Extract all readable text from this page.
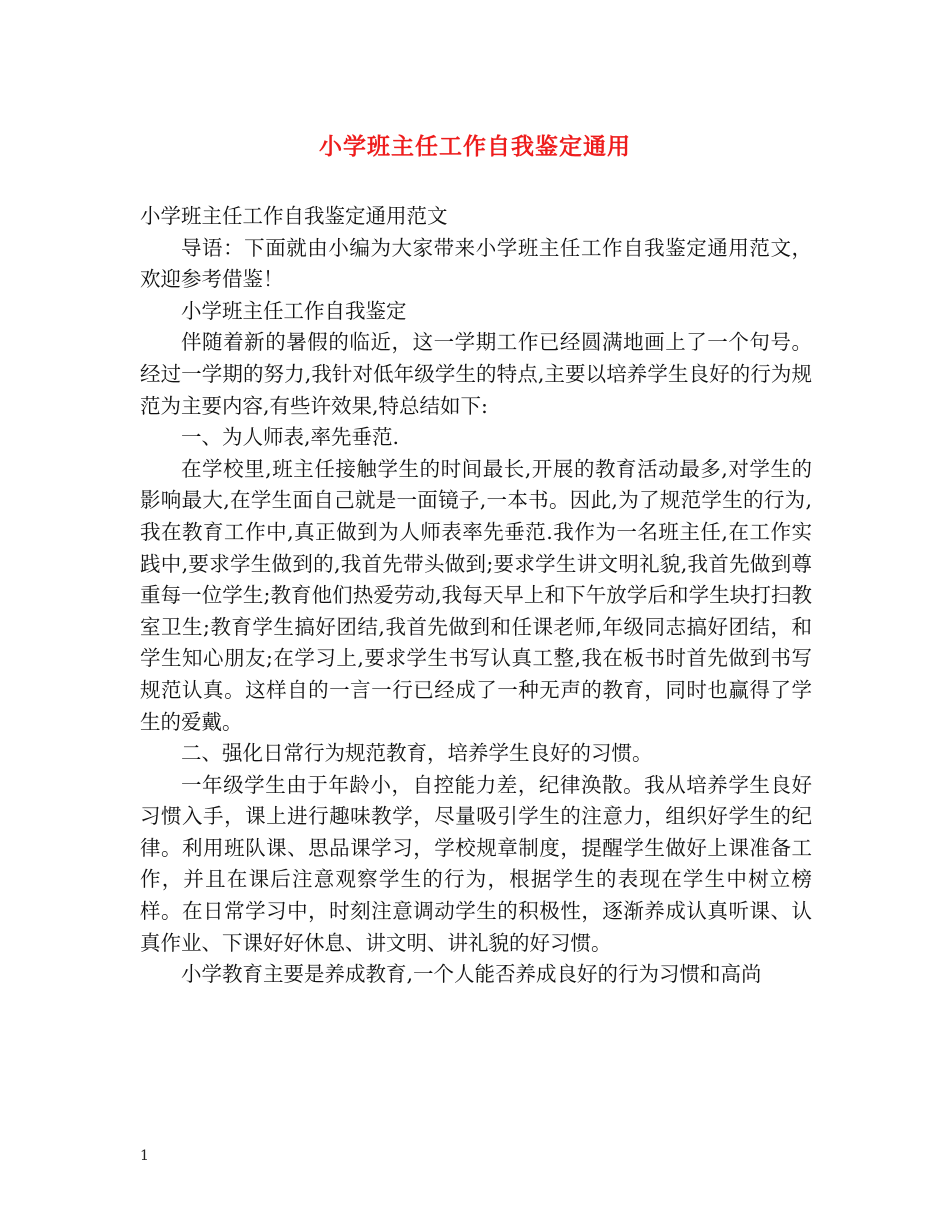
小学班主任工作自我鉴定通用

小学班主任工作自我鉴定通用范文

导语：下面就由小编为大家带来小学班主任工作自我鉴定通用范文，欢迎参考借鉴！

小学班主任工作自我鉴定

伴随着新的暑假的临近，这一学期工作已经圆满地画上了一个句号。经过一学期的努力,我针对低年级学生的特点,主要以培养学生良好的行为规范为主要内容,有些许效果,特总结如下:

一、为人师表,率先垂范.

在学校里,班主任接触学生的时间最长,开展的教育活动最多,对学生的影响最大,在学生面自己就是一面镜子,一本书。因此,为了规范学生的行为,我在教育工作中,真正做到为人师表率先垂范.我作为一名班主任,在工作实践中,要求学生做到的,我首先带头做到;要求学生讲文明礼貌,我首先做到尊重每一位学生;教育他们热爱劳动,我每天早上和下午放学后和学生块打扫教室卫生;教育学生搞好团结,我首先做到和任课老师,年级同志搞好团结，和学生知心朋友;在学习上,要求学生书写认真工整,我在板书时首先做到书写规范认真。这样自的一言一行已经成了一种无声的教育，同时也赢得了学生的爱戴。

二、强化日常行为规范教育，培养学生良好的习惯。

一年级学生由于年龄小，自控能力差，纪律涣散。我从培养学生良好习惯入手，课上进行趣味教学，尽量吸引学生的注意力，组织好学生的纪律。利用班队课、思品课学习，学校规章制度，提醒学生做好上课准备工作，并且在课后注意观察学生的行为，根据学生的表现在学生中树立榜样。在日常学习中，时刻注意调动学生的积极性，逐渐养成认真听课、认真作业、下课好好休息、讲文明、讲礼貌的好习惯。

小学教育主要是养成教育,一个人能否养成良好的行为习惯和高尚

1
